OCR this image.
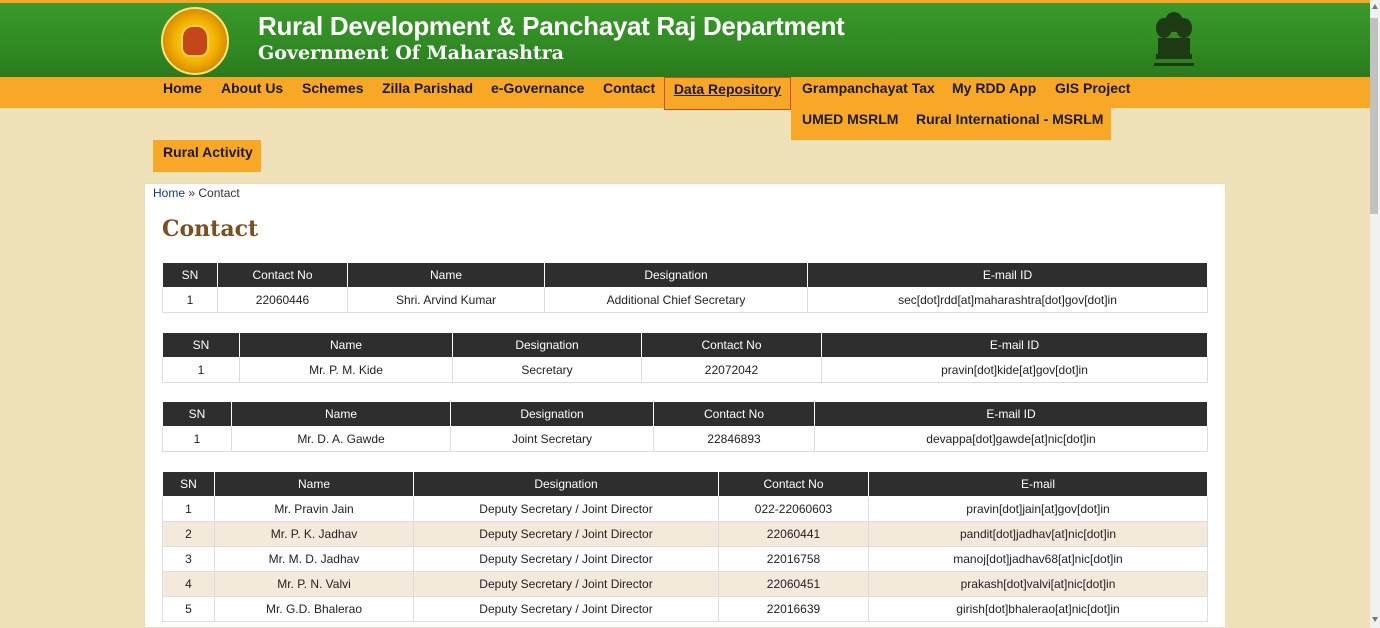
Rural Development & Panchayat Raj Department
Government Of Maharashtra
Home About Us Schemes Zilla Parishad e-Governance Contact	Data Repository	Grampanchayat Tax My RDD App GIS Project
UMED MSRLM Rural International - MSRLM
Rural Activity
Home » Contact
Contact
SN	Contact No	Name	Designation	E-mail ID
1	22060446	Shri. Arvind Kumar	Additional Chief Secretary	sec[dot]rdd[at]maharashtra[dot]gov[dot]in
SN	Name	Designation	Contact No	E-mail ID
1	Mr. P. M. Kide	Secretary	22072042	pravin[dot]kide[at]gov[dot]in
SN	Name	Designation	Contact No	E-mail ID
1	Mr. D. A. Gawde	Joint Secretary	22846893	devappa[dot]gawde[at]nic[dot]in
SN	Name	Designation	Contact No	E-mail
1	Mr. Pravin Jain	Deputy Secretary / Joint Director	022-22060603	pravin[dot]jain[at]gov[dot]in
2	Mr. P. K. Jadhav	Deputy Secretary / Joint Director	22060441	pandit[dot]jadhav[at]nic[dot]in
3	Mr. M. D. Jadhav	Deputy Secretary / Joint Director	22016758	manoj[dot]jadhav68[at]nic[dot]in
4	Mr. P. N. Valvi	Deputy Secretary / Joint Director	22060451	prakash[dot]valvi[at]nic[dot]in
5	Mr. G.D. Bhalerao	Deputy Secretary / Joint Director	22016639	girish[dot]bhalerao[at]nic[dot]in
